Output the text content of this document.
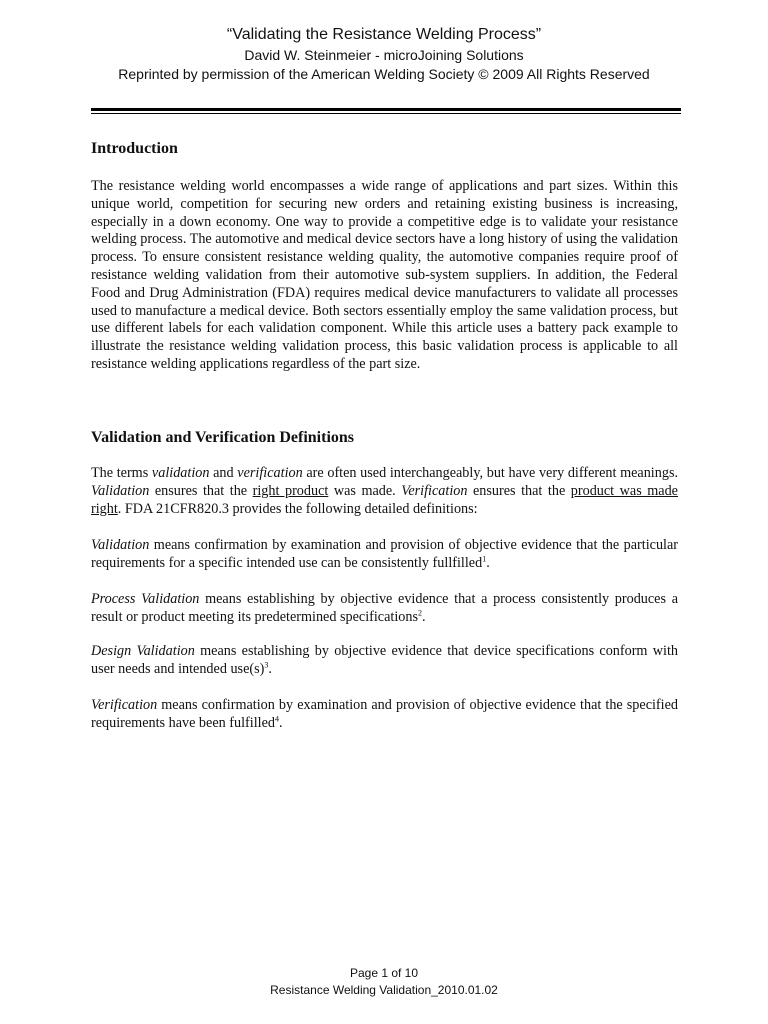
“Validating the Resistance Welding Process”
David W. Steinmeier - microJoining Solutions
Reprinted by permission of the American Welding Society © 2009 All Rights Reserved
Introduction

The resistance welding world encompasses a wide range of applications and part sizes. Within this unique world, competition for securing new orders and retaining existing business is increasing, especially in a down economy. One way to provide a competitive edge is to validate your resistance welding process. The automotive and medical device sectors have a long history of using the validation process. To ensure consistent resistance welding quality, the automotive companies require proof of resistance welding validation from their automotive sub-system suppliers. In addition, the Federal Food and Drug Administration (FDA) requires medical device manufacturers to validate all processes used to manufacture a medical device. Both sectors essentially employ the same validation process, but use different labels for each validation component. While this article uses a battery pack example to illustrate the resistance welding validation process, this basic validation process is applicable to all resistance welding applications regardless of the part size.

Validation and Verification Definitions

The terms validation and verification are often used interchangeably, but have very different meanings. Validation ensures that the right product was made. Verification ensures that the product was made right. FDA 21CFR820.3 provides the following detailed definitions:

Validation means confirmation by examination and provision of objective evidence that the particular requirements for a specific intended use can be consistently fullfilled$^1$.

Process Validation means establishing by objective evidence that a process consistently produces a result or product meeting its predetermined specifications$^2$.

Design Validation means establishing by objective evidence that device specifications conform with user needs and intended $use(s)^3$.

Verification means confirmation by examination and provision of objective evidence that the specified requirements have been fulfilled$^4$.

Page 1 of 10
Resistance Welding Validation_2010.01.02
